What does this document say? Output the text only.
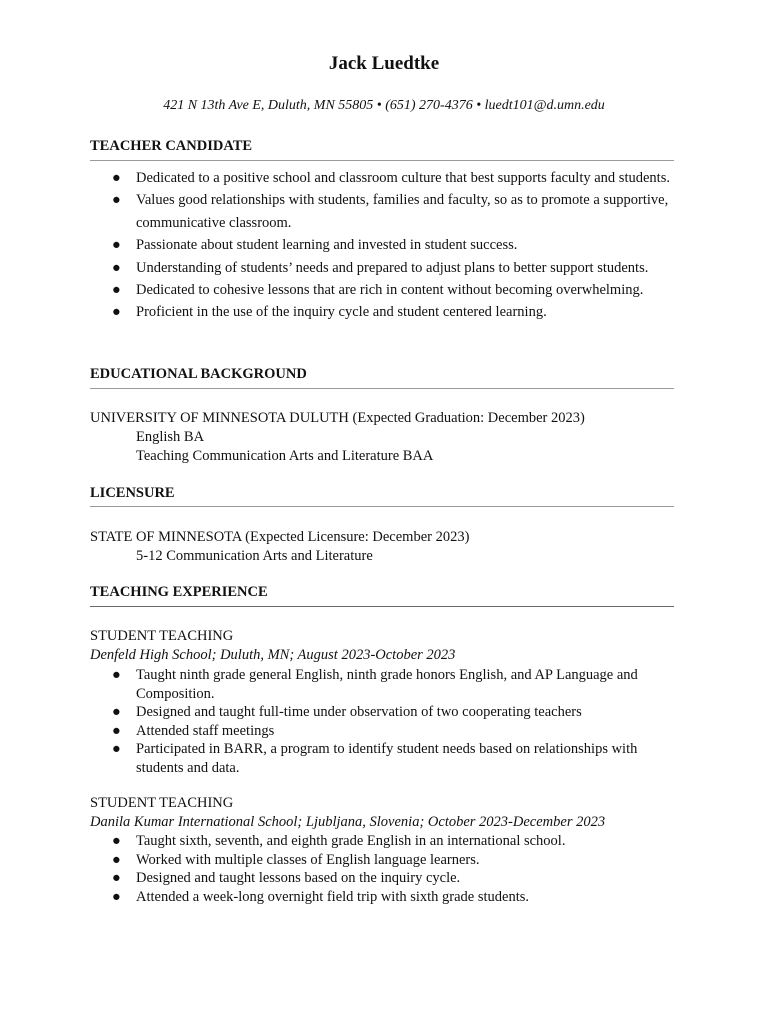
Jack Luedtke
421 N 13th Ave E, Duluth, MN 55805 • (651) 270-4376 • luedt101@d.umn.edu
TEACHER CANDIDATE
● Dedicated to a positive school and classroom culture that best supports faculty and students.
● Values good relationships with students, families and faculty, so as to promote a supportive, communicative classroom.
● Passionate about student learning and invested in student success.
● Understanding of students’ needs and prepared to adjust plans to better support students.
● Dedicated to cohesive lessons that are rich in content without becoming overwhelming.
● Proficient in the use of the inquiry cycle and student centered learning.
EDUCATIONAL BACKGROUND
UNIVERSITY OF MINNESOTA DULUTH (Expected Graduation: December 2023)
English BA
Teaching Communication Arts and Literature BAA
LICENSURE
STATE OF MINNESOTA (Expected Licensure: December 2023)
5-12 Communication Arts and Literature
TEACHING EXPERIENCE
STUDENT TEACHING
Denfeld High School; Duluth, MN; August 2023-October 2023
● Taught ninth grade general English, ninth grade honors English, and AP Language and Composition.
● Designed and taught full-time under observation of two cooperating teachers
● Attended staff meetings
● Participated in BARR, a program to identify student needs based on relationships with students and data.
STUDENT TEACHING
Danila Kumar International School; Ljubljana, Slovenia; October 2023-December 2023
● Taught sixth, seventh, and eighth grade English in an international school.
● Worked with multiple classes of English language learners.
● Designed and taught lessons based on the inquiry cycle.
● Attended a week-long overnight field trip with sixth grade students.
